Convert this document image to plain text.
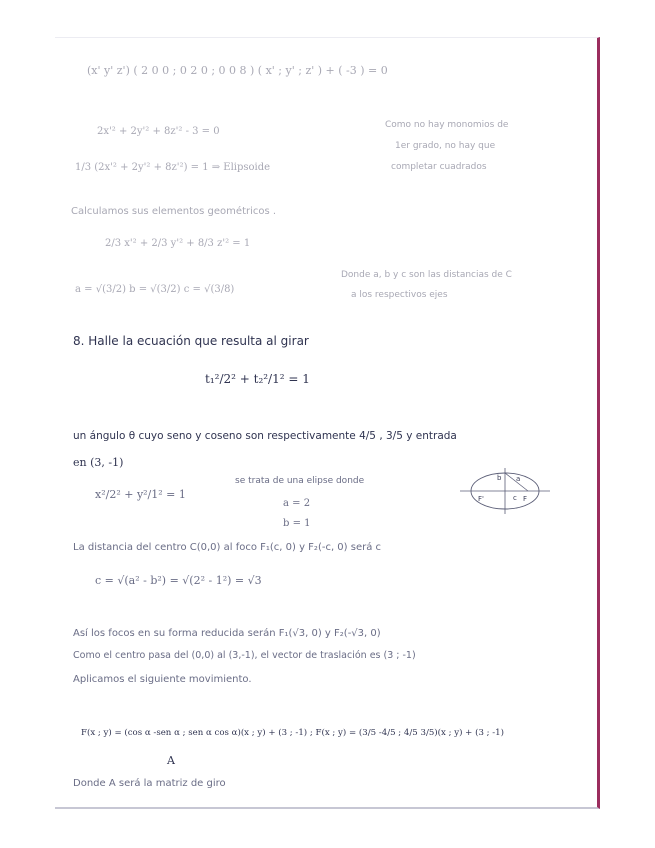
(x' y' z') ( 2 0 0 ; 0 2 0 ; 0 0 8 ) ( x' ; y' ; z' ) + ( -3 ) = 0
2x'² + 2y'² + 8z'² - 3 = 0
Como no hay monomios de
1er grado, no hay que
1/3 (2x'² + 2y'² + 8z'²) = 1 ⇒ Elipsoide	completar cuadrados
Calculamos sus elementos geométricos .
2/3 x'² + 2/3 y'² + 8/3 z'² = 1
a = √(3/2) b = √(3/2) c = √(3/8)
Donde a, b y c son las distancias de C
a los respectivos ejes
8. Halle la ecuación que resulta al girar
t₁²/2² + t₂²/1² = 1
un ángulo θ cuyo seno y coseno son respectivamente 4/5 , 3/5 y entrada
en (3, -1)
x²/2² + y²/1² = 1
se trata de una elipse donde
a = 2
b = 1
b a
F'	c F
La distancia del centro C(0,0) al foco F₁(c, 0) y F₂(-c, 0) será c
c = √(a² - b²) = √(2² - 1²) = √3
Así los focos en su forma reducida serán F₁(√3, 0) y F₂(-√3, 0)
Como el centro pasa del (0,0) al (3,-1), el vector de traslación es (3 ; -1)
Aplicamos el siguiente movimiento.
F(x ; y) = (cos α -sen α ; sen α cos α)(x ; y) + (3 ; -1) ; F(x ; y) = (3/5 -4/5 ; 4/5 3/5)(x ; y) + (3 ; -1)
A
Donde A será la matriz de giro
